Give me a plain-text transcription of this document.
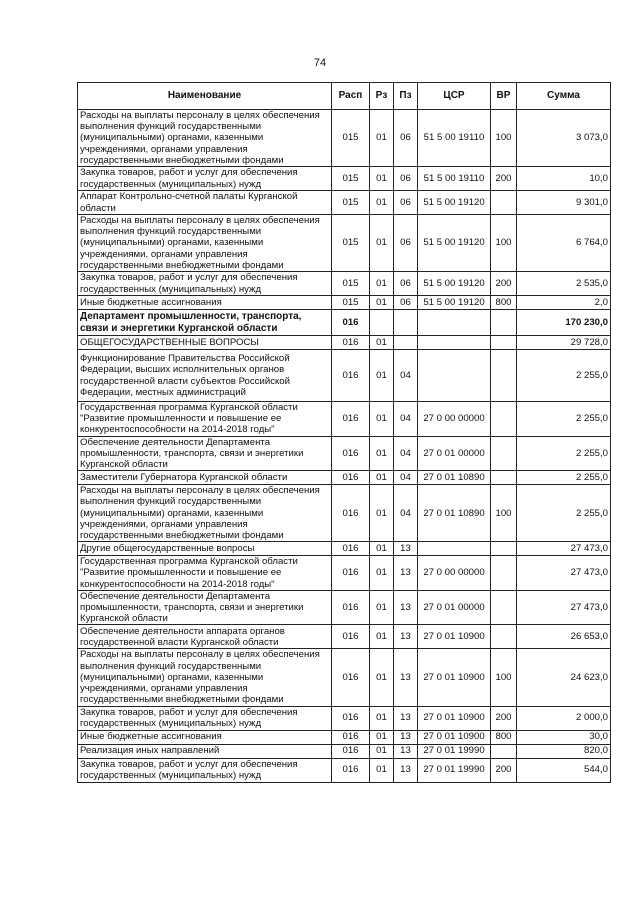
74
Наименование	Расп	Рз	Пз	ЦСР	ВР	Сумма
Расходы на выплаты персоналу в целях обеспечения выполнения функций государственными (муниципальными) органами, казенными учреждениями, органами управления государственными внебюджетными фондами	015	01	06	51 5 00 19110	100	3 073,0
Закупка товаров, работ и услуг для обеспечения государственных (муниципальных) нужд	015	01	06	51 5 00 19110	200	10,0
Аппарат Контрольно-счетной палаты Курганской области	015	01	06	51 5 00 19120		9 301,0
Расходы на выплаты персоналу в целях обеспечения выполнения функций государственными (муниципальными) органами, казенными учреждениями, органами управления государственными внебюджетными фондами	015	01	06	51 5 00 19120	100	6 764,0
Закупка товаров, работ и услуг для обеспечения государственных (муниципальных) нужд	015	01	06	51 5 00 19120	200	2 535,0
Иные бюджетные ассигнования	015	01	06	51 5 00 19120	800	2,0
Департамент промышленности, транспорта, связи и энергетики Курганской области	016					170 230,0
ОБЩЕГОСУДАРСТВЕННЫЕ ВОПРОСЫ	016	01				29 728,0
Функционирование Правительства Российской Федерации, высших исполнительных органов государственной власти субъектов Российской Федерации, местных администраций	016	01	04			2 255,0
Государственная программа Курганской области "Развитие промышленности и повышение ее конкурентоспособности на 2014-2018 годы"	016	01	04	27 0 00 00000		2 255,0
Обеспечение деятельности Департамента промышленности, транспорта, связи и энергетики Курганской области	016	01	04	27 0 01 00000		2 255,0
Заместители Губернатора Курганской области	016	01	04	27 0 01 10890		2 255,0
Расходы на выплаты персоналу в целях обеспечения выполнения функций государственными (муниципальными) органами, казенными учреждениями, органами управления государственными внебюджетными фондами	016	01	04	27 0 01 10890	100	2 255,0
Другие общегосударственные вопросы	016	01	13			27 473,0
Государственная программа Курганской области "Развитие промышленности и повышение ее конкурентоспособности на 2014-2018 годы"	016	01	13	27 0 00 00000		27 473,0
Обеспечение деятельности Департамента промышленности, транспорта, связи и энергетики Курганской области	016	01	13	27 0 01 00000		27 473,0
Обеспечение деятельности аппарата органов государственной власти Курганской области	016	01	13	27 0 01 10900		26 653,0
Расходы на выплаты персоналу в целях обеспечения выполнения функций государственными (муниципальными) органами, казенными учреждениями, органами управления государственными внебюджетными фондами	016	01	13	27 0 01 10900	100	24 623,0
Закупка товаров, работ и услуг для обеспечения государственных (муниципальных) нужд	016	01	13	27 0 01 10900	200	2 000,0
Иные бюджетные ассигнования	016	01	13	27 0 01 10900	800	30,0
Реализация иных направлений	016	01	13	27 0 01 19990		820,0
Закупка товаров, работ и услуг для обеспечения государственных (муниципальных) нужд	016	01	13	27 0 01 19990	200	544,0
